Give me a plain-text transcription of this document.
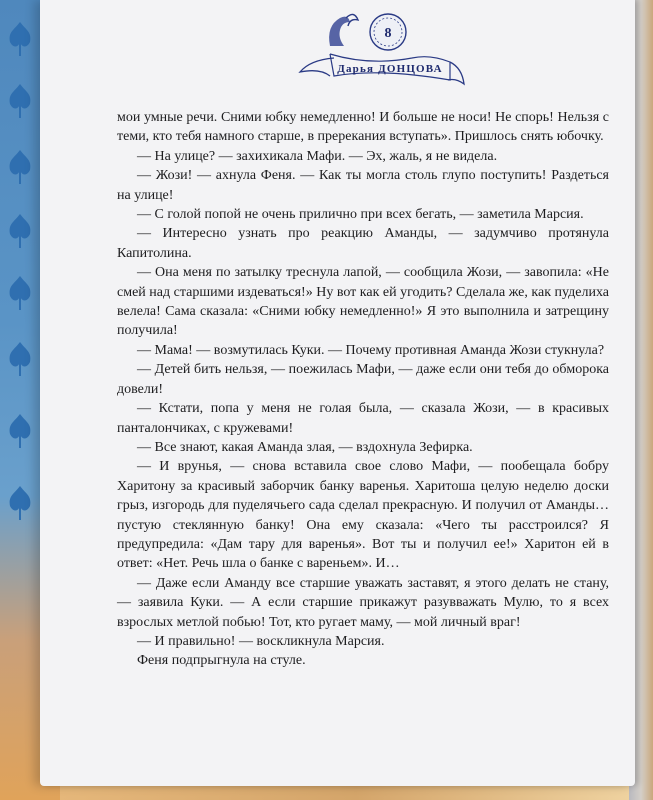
8
Дарья ДОНЦОВА

мои умные речи. Сними юбку немедленно! И больше не носи! Не спорь! Нельзя с теми, кто тебя намного старше, в пререкания вступать». Пришлось снять юбочку.

— На улице? — захихикала Мафи. — Эх, жаль, я не видела.

— Жози! — ахнула Феня. — Как ты могла столь глупо поступить! Раздеться на улице!

— С голой попой не очень прилично при всех бегать, — заметила Марсия.

— Интересно узнать про реакцию Аманды, — задумчиво протянула Капитолина.

— Она меня по затылку треснула лапой, — сообщила Жози, — завопила: «Не смей над старшими издеваться!» Ну вот как ей угодить? Сделала же, как пуделиха велела! Сама сказала: «Сними юбку немедленно!» Я это выполнила и затрещину получила!

— Мама! — возмутилась Куки. — Почему противная Аманда Жози стукнула?

— Детей бить нельзя, — поежилась Мафи, — даже если они тебя до обморока довели!

— Кстати, попа у меня не голая была, — сказала Жози, — в красивых панталончиках, с кружевами!

— Все знают, какая Аманда злая, — вздохнула Зефирка.

— И врунья, — снова вставила свое слово Мафи, — пообещала бобру Харитону за красивый заборчик банку варенья. Харитоша целую неделю доски грыз, изгородь для пуделячьего сада сделал прекрасную. И получил от Аманды… пустую стеклянную банку! Она ему сказала: «Чего ты расстроился? Я предупредила: «Дам тару для варенья». Вот ты и получил ее!» Харитон ей в ответ: «Нет. Речь шла о банке с вареньем». И…

— Даже если Аманду все старшие уважать заставят, я этого делать не стану, — заявила Куки. — А если старшие прикажут разувважать Мулю, то я всех взрослых метлой побью! Тот, кто ругает маму, — мой личный враг!

— И правильно! — воскликнула Марсия.

Феня подпрыгнула на стуле.
